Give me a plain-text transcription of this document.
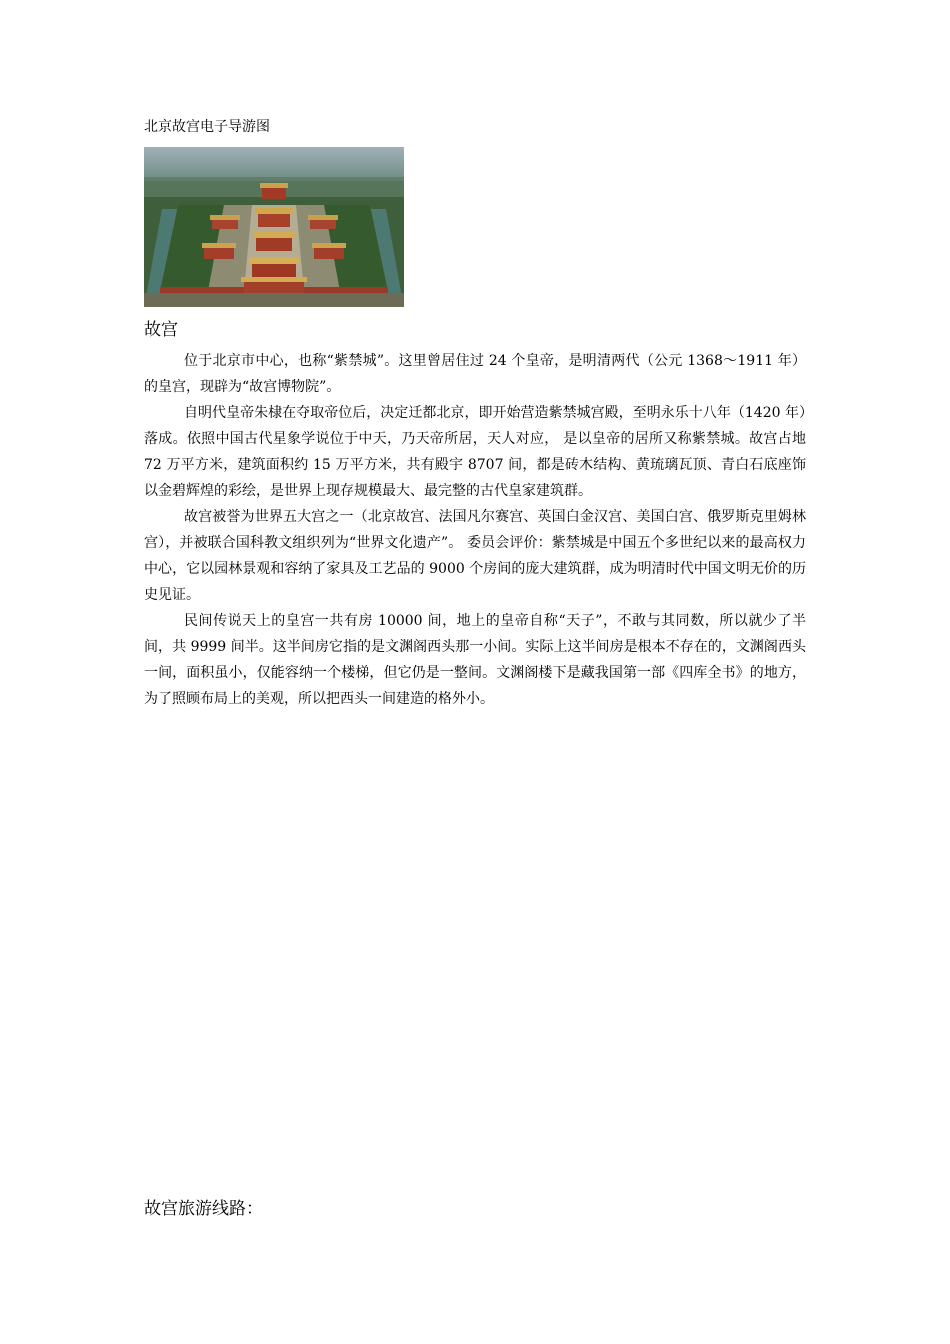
北京故宫电子导游图
故宫

位于北京市中心，也称“紫禁城”。这里曾居住过 24 个皇帝，是明清两代（公元 1368～1911 年）的皇宫，现辟为“故宫博物院”。

自明代皇帝朱棣在夺取帝位后，决定迁都北京，即开始营造紫禁城宫殿，至明永乐十八年（1420 年）落成。依照中国古代星象学说位于中天，乃天帝所居，天人对应， 是以皇帝的居所又称紫禁城。故宫占地 72 万平方米，建筑面积约 15 万平方米，共有殿宇 8707 间，都是砖木结构、黄琉璃瓦顶、青白石底座饰以金碧辉煌的彩绘，是世界上现存规模最大、最完整的古代皇家建筑群。

故宫被誉为世界五大宫之一（北京故宫、法国凡尔赛宫、英国白金汉宫、美国白宫、俄罗斯克里姆林宫），并被联合国科教文组织列为“世界文化遗产”。 委员会评价：紫禁城是中国五个多世纪以来的最高权力中心，它以园林景观和容纳了家具及工艺品的 9000 个房间的庞大建筑群，成为明清时代中国文明无价的历史见证。

民间传说天上的皇宫一共有房 10000 间，地上的皇帝自称“天子”，不敢与其同数，所以就少了半间，共 9999 间半。这半间房它指的是文渊阁西头那一小间。实际上这半间房是根本不存在的，文渊阁西头一间，面积虽小，仅能容纳一个楼梯，但它仍是一整间。文渊阁楼下是藏我国第一部《四库全书》的地方，为了照顾布局上的美观，所以把西头一间建造的格外小。

故宫旅游线路：
